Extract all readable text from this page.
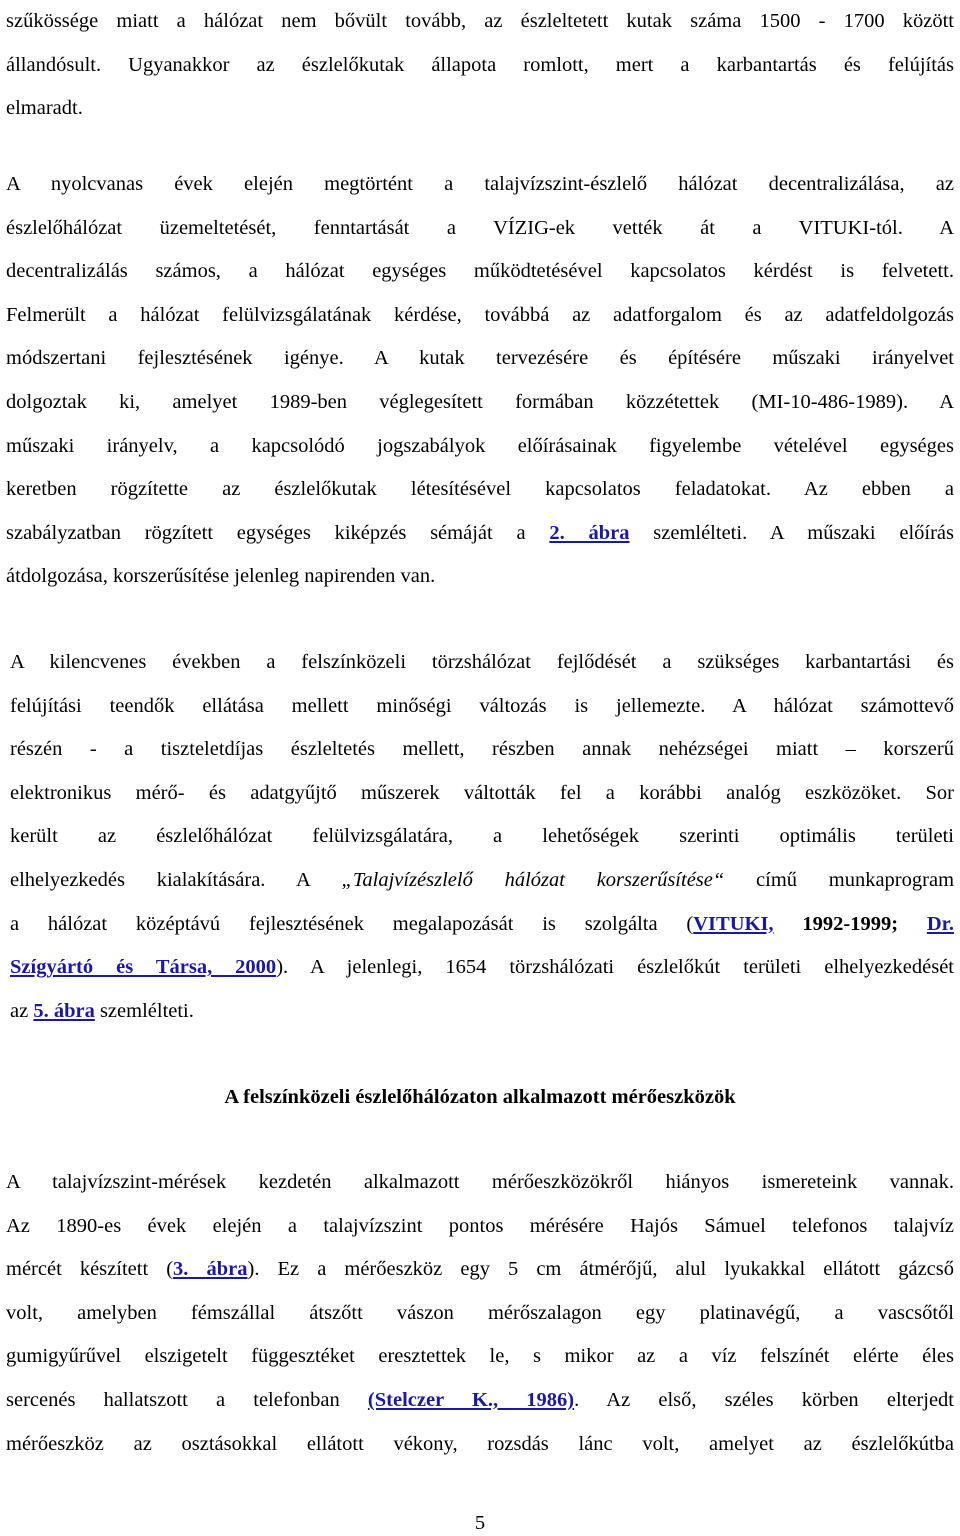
szűkössége miatt a hálózat nem bővült tovább, az észleltetett kutak száma 1500 - 1700 között
állandósult. Ugyanakkor az észlelőkutak állapota romlott, mert a karbantartás és felújítás
elmaradt.
A nyolcvanas évek elején megtörtént a talajvízszint-észlelő hálózat decentralizálása, az
észlelőhálózat üzemeltetését, fenntartását a VÍZIG-ek vették át a VITUKI-tól. A
decentralizálás számos, a hálózat egységes működtetésével kapcsolatos kérdést is felvetett.
Felmerült a hálózat felülvizsgálatának kérdése, továbbá az adatforgalom és az adatfeldolgozás
módszertani fejlesztésének igénye. A kutak tervezésére és építésére műszaki irányelvet
dolgoztak ki, amelyet 1989-ben véglegesített formában közzétettek (MI-10-486-1989). A
műszaki irányelv, a kapcsolódó jogszabályok előírásainak figyelembe vételével egységes
keretben rögzítette az észlelőkutak létesítésével kapcsolatos feladatokat. Az ebben a
szabályzatban rögzített egységes kiképzés sémáját a 2. ábra szemlélteti. A műszaki előírás
átdolgozása, korszerűsítése jelenleg napirenden van.
A kilencvenes években a felszínközeli törzshálózat fejlődését a szükséges karbantartási és
felújítási teendők ellátása mellett minőségi változás is jellemezte. A hálózat számottevő
részén - a tiszteletdíjas észleltetés mellett, részben annak nehézségei miatt – korszerű
elektronikus mérő- és adatgyűjtő műszerek váltották fel a korábbi analóg eszközöket. Sor
került az észlelőhálózat felülvizsgálatára, a lehetőségek szerinti optimális területi
elhelyezkedés kialakítására. A „Talajvízészlelő hálózat korszerűsítése“ című munkaprogram
a hálózat középtávú fejlesztésének megalapozását is szolgálta (VITUKI, 1992-1999; Dr.
Szígyártó és Társa, 2000). A jelenlegi, 1654 törzshálózati észlelőkút területi elhelyezkedését
az 5. ábra szemlélteti.
A felszínközeli észlelőhálózaton alkalmazott mérőeszközök
A talajvízszint-mérések kezdetén alkalmazott mérőeszközökről hiányos ismereteink vannak.
Az 1890-es évek elején a talajvízszint pontos mérésére Hajós Sámuel telefonos talajvíz
mércét készített (3. ábra). Ez a mérőeszköz egy 5 cm átmérőjű, alul lyukakkal ellátott gázcső
volt, amelyben fémszállal átszőtt vászon mérőszalagon egy platinavégű, a vascsőtől
gumigyűrűvel elszigetelt függesztéket eresztettek le, s mikor az a víz felszínét elérte éles
sercenés hallatszott a telefonban (Stelczer K., 1986). Az első, széles körben elterjedt
mérőeszköz az osztásokkal ellátott vékony, rozsdás lánc volt, amelyet az észlelőkútba
5
